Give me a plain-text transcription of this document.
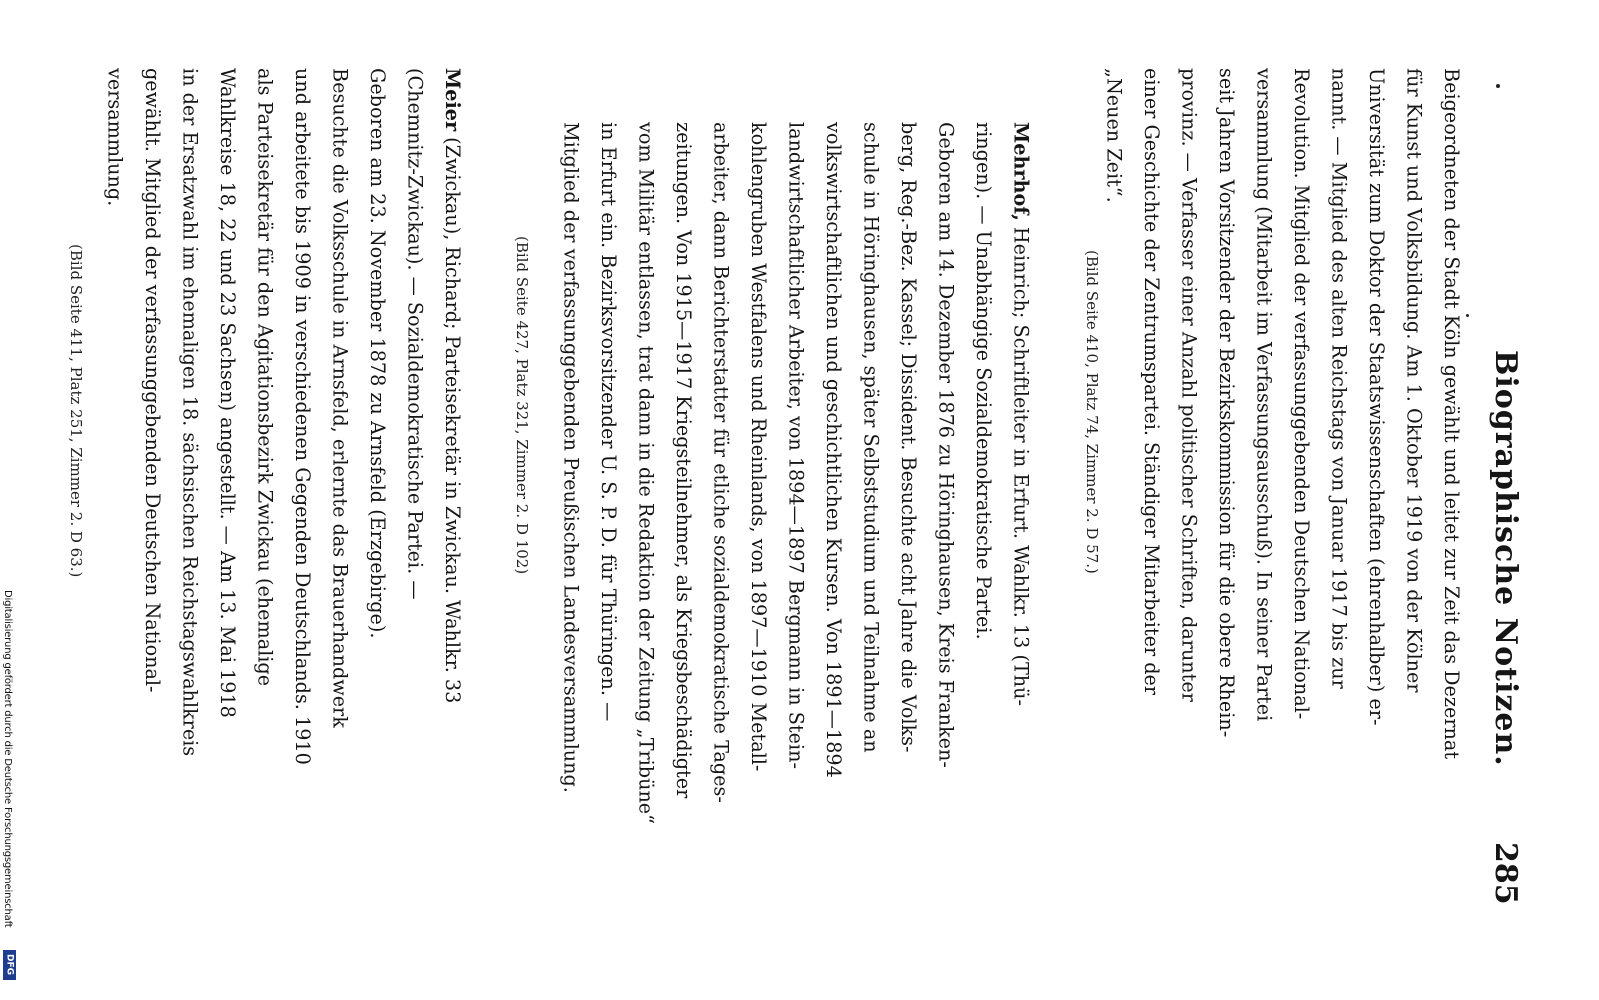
Biographische Notizen.
285
Beigeordneten der Stadt Köln gewählt und leitet zur Zeit das Dezernat
für Kunst und Volksbildung. Am 1. Oktober 1919 von der Kölner
Universität zum Doktor der Staatswissenschaften (ehrenhalber) er-
nannt. — Mitglied des alten Reichstags von Januar 1917 bis zur
Revolution. Mitglied der verfassunggebenden Deutschen National-
versammlung (Mitarbeit im Verfassungsausschuß). In seiner Partei
seit Jahren Vorsitzender der Bezirkskommission für die obere Rhein-
provinz. — Verfasser einer Anzahl politischer Schriften, darunter
einer Geschichte der Zentrumspartei. Ständiger Mitarbeiter der
„Neuen Zeit“.
(Bild Seite 410, Platz 74, Zimmer 2. D 57.)
Mehrhof, Heinrich; Schriftleiter in Erfurt. Wahlkr. 13 (Thü-
ringen). — Unabhängige Sozialdemokratische Partei.
Geboren am 14. Dezember 1876 zu Höringhausen, Kreis Franken-
berg, Reg.-Bez. Kassel; Dissident. Besuchte acht Jahre die Volks-
schule in Höringhausen, später Selbststudium und Teilnahme an
volkswirtschaftlichen und geschichtlichen Kursen. Von 1891—1894
landwirtschaftlicher Arbeiter, von 1894—1897 Bergmann in Stein-
kohlengruben Westfalens und Rheinlands, von 1897—1910 Metall-
arbeiter, dann Berichterstatter für etliche sozialdemokratische Tages-
zeitungen. Von 1915—1917 Kriegsteilnehmer, als Kriegsbeschädigter
vom Militär entlassen, trat dann in die Redaktion der Zeitung „Tribüne“
in Erfurt ein. Bezirksvorsitzender U. S. P. D. für Thüringen. —
Mitglied der verfassunggebenden Preußischen Landesversammlung.
(Bild Seite 427, Platz 321, Zimmer 2. D 102)
Meier (Zwickau), Richard; Parteisekretär in Zwickau. Wahlkr. 33
(Chemnitz-Zwickau). — Sozialdemokratische Partei. —
Geboren am 23. November 1878 zu Arnsfeld (Erzgebirge).
Besuchte die Volksschule in Arnsfeld, erlernte das Brauerhandwerk
und arbeitete bis 1909 in verschiedenen Gegenden Deutschlands. 1910
als Parteisekretär für den Agitationsbezirk Zwickau (ehemalige
Wahlkreise 18, 22 und 23 Sachsen) angestellt. — Am 13. Mai 1918
in der Ersatzwahl im ehemaligen 18. sächsischen Reichstagswahlkreis
gewählt. Mitglied der verfassunggebenden Deutschen National-
versammlung.
(Bild Seite 411, Platz 251, Zimmer 2. D 63.)
Digitalisierung gefördert durch die Deutsche Forschungsgemeinschaft
DFG
